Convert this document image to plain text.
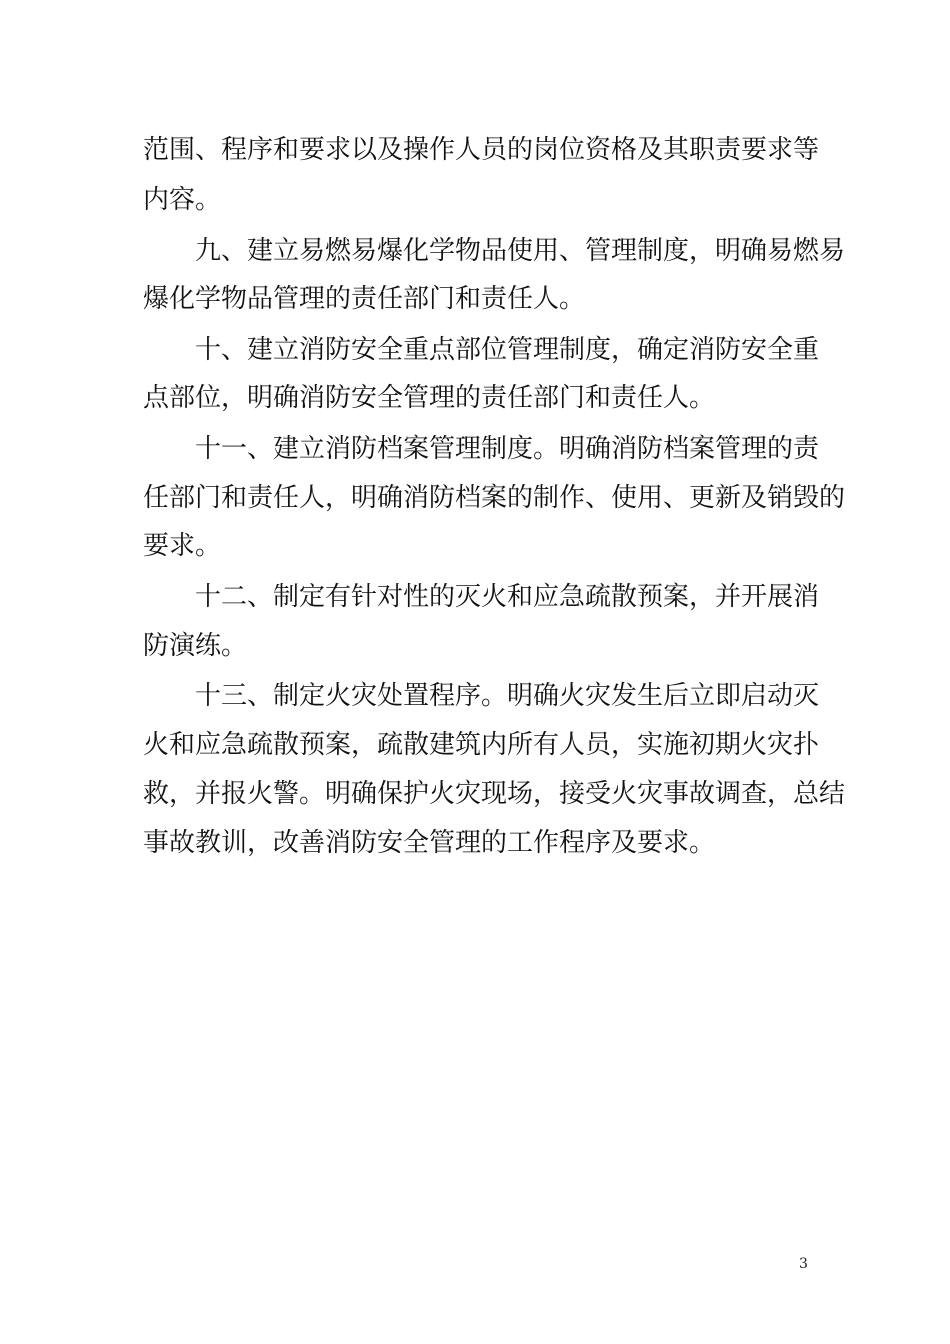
范围、程序和要求以及操作人员的岗位资格及其职责要求等
内容。
九、建立易燃易爆化学物品使用、管理制度，明确易燃易
爆化学物品管理的责任部门和责任人。
十、建立消防安全重点部位管理制度，确定消防安全重
点部位，明确消防安全管理的责任部门和责任人。
十一、建立消防档案管理制度。明确消防档案管理的责
任部门和责任人，明确消防档案的制作、使用、更新及销毁的
要求。
十二、制定有针对性的灭火和应急疏散预案，并开展消
防演练。
十三、制定火灾处置程序。明确火灾发生后立即启动灭
火和应急疏散预案，疏散建筑内所有人员，实施初期火灾扑
救，并报火警。明确保护火灾现场，接受火灾事故调查，总结
事故教训，改善消防安全管理的工作程序及要求。
3
